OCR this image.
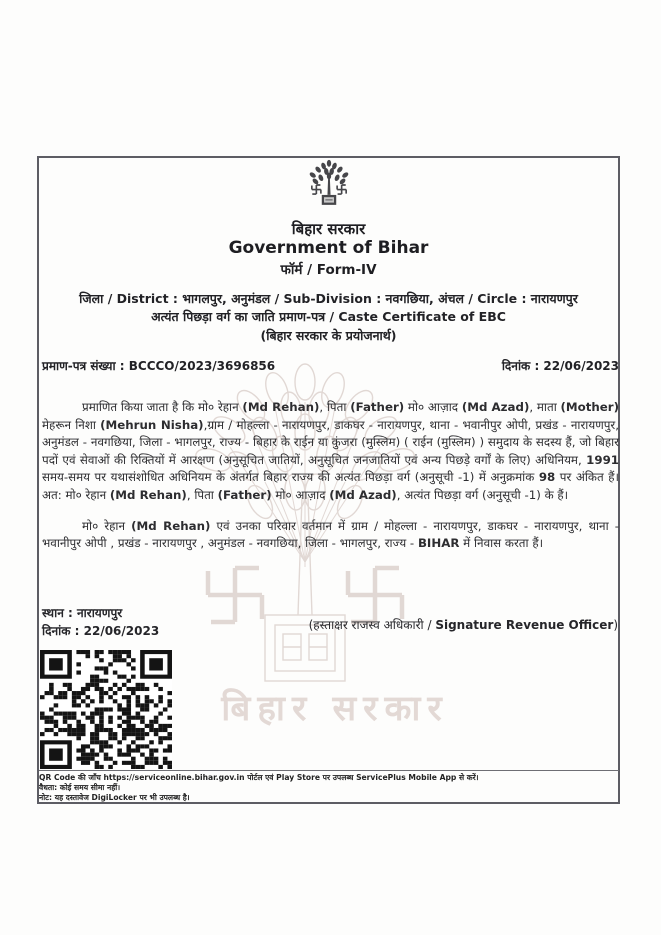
बिहार सरकार
बिहार सरकार
Government of Bihar
फॉर्म / Form-IV
जिला / District : भागलपुर, अनुमंडल / Sub-Division : नवगछिया, अंचल / Circle : नारायणपुर
अत्यंत पिछड़ा वर्ग का जाति प्रमाण-पत्र / Caste Certificate of EBC
(बिहार सरकार के प्रयोजनार्थ)
प्रमाण-पत्र संख्या : BCCCO/2023/3696856	दिनांक : 22/06/2023

प्रमाणित किया जाता है कि मो० रेहान (Md Rehan), पिता (Father) मो० आज़ाद (Md Azad), माता (Mother) मेहरून निशा (Mehrun Nisha),ग्राम / मोहल्ला - नारायणपुर, डाकघर - नारायणपुर, थाना - भवानीपुर ओपी, प्रखंड - नारायणपुर, अनुमंडल - नवगछिया, जिला - भागलपुर, राज्य - बिहार के राईन या कुंजरा (मुस्लिम) ( राईन (मुस्लिम) ) समुदाय के सदस्य हैं, जो बिहार पदों एवं सेवाओं की रिक्तियों में आरक्षण (अनुसूचित जातियों, अनुसूचित जनजातियों एवं अन्य पिछड़े वर्गों के लिए) अधिनियम, 1991 समय-समय पर यथासंशोधित अधिनियम के अंतर्गत बिहार राज्य की अत्यंत पिछड़ा वर्ग (अनुसूची -1) में अनुक्रमांक 98 पर अंकित हैं। अत: मो० रेहान (Md Rehan), पिता (Father) मो० आज़ाद (Md Azad), अत्यंत पिछड़ा वर्ग (अनुसूची -1) के हैं।

मो० रेहान (Md Rehan) एवं उनका परिवार वर्तमान में ग्राम / मोहल्ला - नारायणपुर, डाकघर - नारायणपुर, थाना - भवानीपुर ओपी , प्रखंड - नारायणपुर , अनुमंडल - नवगछिया, जिला - भागलपुर, राज्य - BIHAR में निवास करता हैं।

स्थान : नारायणपुर
दिनांक : 22/06/2023	(हस्ताक्षर राजस्व अधिकारी / Signature Revenue Officer)
QR Code की जाँच https://serviceonline.bihar.gov.in पोर्टल एवं Play Store पर उपलब्ध ServicePlus Mobile App से करें।
वैधता: कोई समय सीमा नहीं।
नोट: यह दस्तावेज DigiLocker पर भी उपलब्ध है।
